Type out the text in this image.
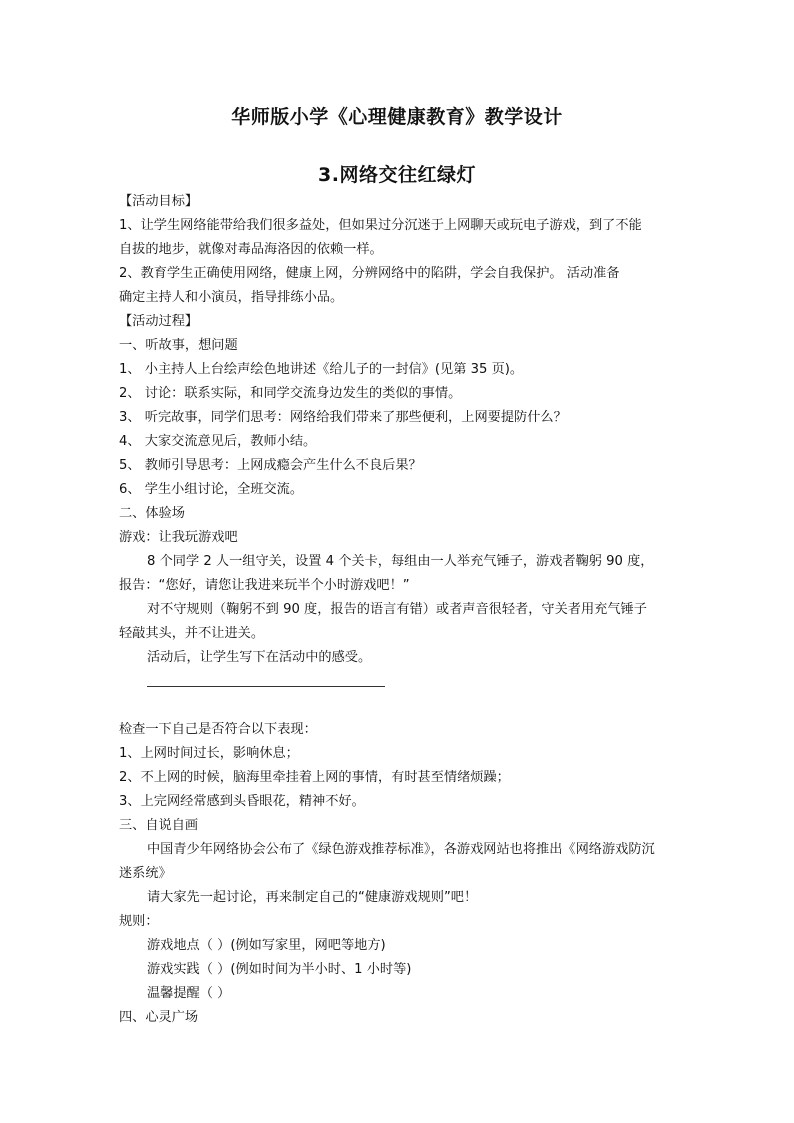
华师版小学《心理健康教育》教学设计
3.网络交往红绿灯

【活动目标】

1、让学生网络能带给我们很多益处，但如果过分沉迷于上网聊天或玩电子游戏，到了不能

自拔的地步，就像对毒品海洛因的依赖一样。

2、教育学生正确使用网络，健康上网，分辨网络中的陷阱，学会自我保护。 活动准备

确定主持人和小演员，指导排练小品。

【活动过程】

一、听故事，想问题

1、 小主持人上台绘声绘色地讲述《给儿子的一封信》(见第 35 页)。

2、 讨论：联系实际，和同学交流身边发生的类似的事情。

3、 听完故事，同学们思考：网络给我们带来了那些便利，上网要提防什么？

4、 大家交流意见后，教师小结。

5、 教师引导思考：上网成瘾会产生什么不良后果？

6、 学生小组讨论，全班交流。

二、体验场

游戏：让我玩游戏吧

8 个同学 2 人一组守关，设置 4 个关卡，每组由一人举充气锤子，游戏者鞠躬 90 度，

报告：“您好，请您让我进来玩半个小时游戏吧！”

对不守规则（鞠躬不到 90 度，报告的语言有错）或者声音很轻者，守关者用充气锤子

轻敲其头，并不让进关。

活动后，让学生写下在活动中的感受。

检查一下自己是否符合以下表现：

1、上网时间过长，影响休息；

2、不上网的时候，脑海里牵挂着上网的事情，有时甚至情绪烦躁；

3、上完网经常感到头昏眼花，精神不好。

三、自说自画

中国青少年网络协会公布了《绿色游戏推荐标准》，各游戏网站也将推出《网络游戏防沉

迷系统》

请大家先一起讨论，再来制定自己的“健康游戏规则”吧！

规则：

游戏地点（ ）(例如写家里，网吧等地方)

游戏实践（ ）(例如时间为半小时、1 小时等)

温馨提醒（ ）

四、心灵广场
